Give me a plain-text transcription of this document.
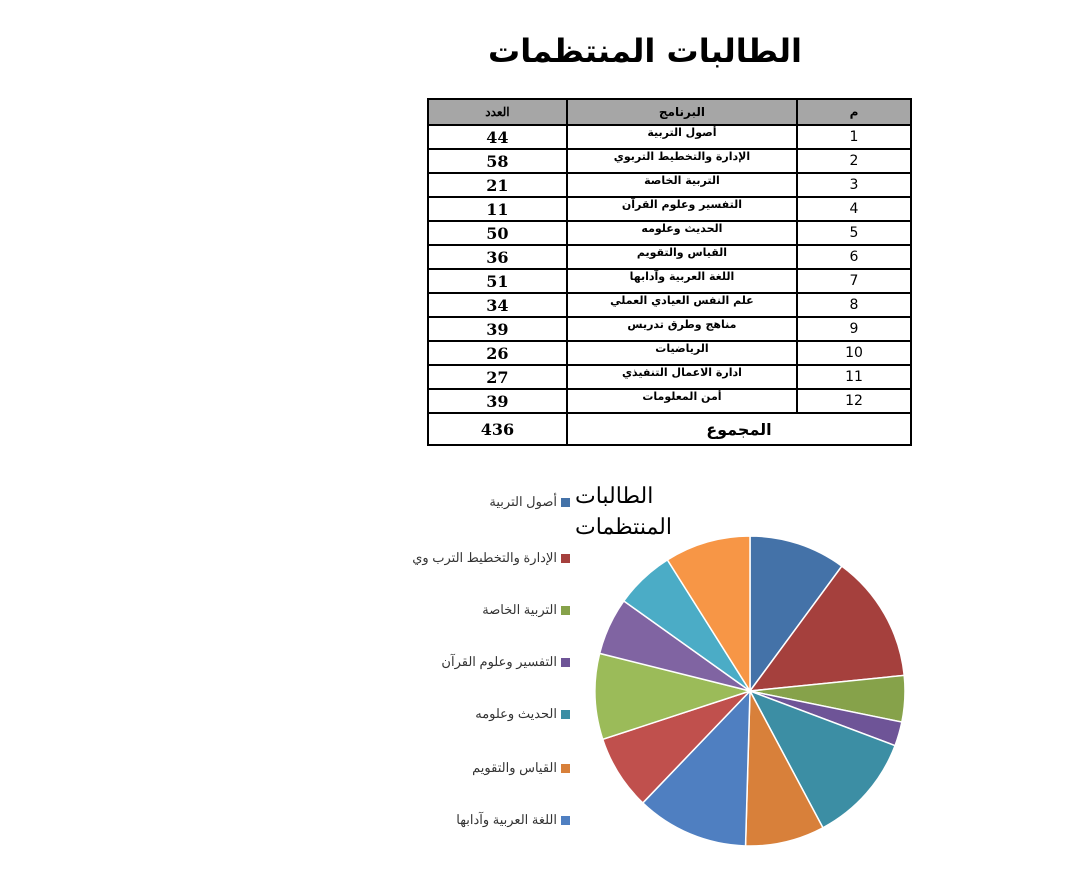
الطالبات المنتظمات
العدد	البرنامج	م
44	أصول التربية	1
58	الإدارة والتخطيط التربوي	2
21	التربية الخاصة	3
11	التفسير وعلوم القرآن	4
50	الحديث وعلومه	5
36	القياس والتقويم	6
51	اللغة العربية وآدابها	7
34	علم النفس العيادي العملي	8
39	مناهج وطرق تدريس	9
26	الرياضيات	10
27	ادارة الاعمال التنفيذي	11
39	أمن المعلومات	12
436	المجموع	
أصول التربية
الإدارة والتخطيط الترب وي
التربية الخاصة
التفسير وعلوم القرآن
الحديث وعلومه
القياس والتقويم
اللغة العربية وآدابها
الطالبات المنتظمات
